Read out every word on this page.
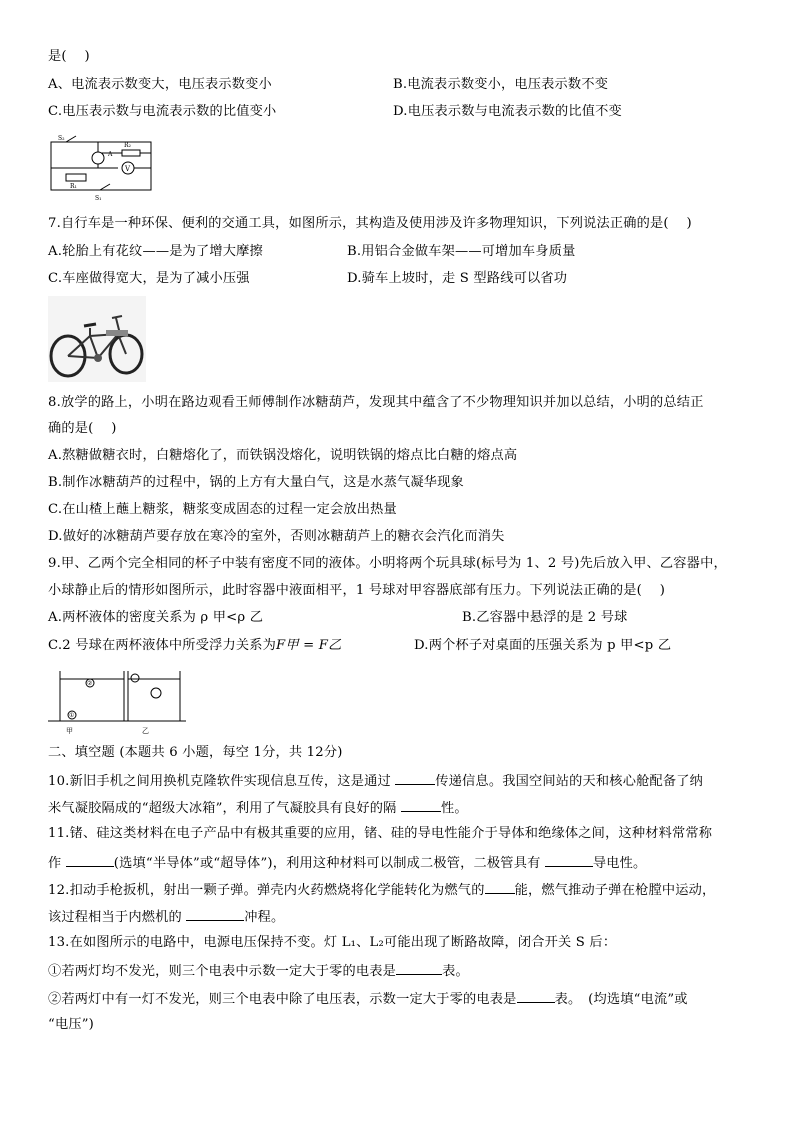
是(　 )
A、电流表示数变大，电压表示数变小	B.电流表示数变小，电压表示数不变
C.电压表示数与电流表示数的比值变小	D.电压表示数与电流表示数的比值不变
A
S₂
R₂
R₁
V
S₁
7.自行车是一种环保、便利的交通工具，如图所示，其构造及使用涉及许多物理知识，下列说法正确的是(　 )
A.轮胎上有花纹——是为了增大摩擦	B.用铝合金做车架——可增加车身质量
C.车座做得宽大，是为了减小压强	D.骑车上坡时，走 S 型路线可以省功
8.放学的路上，小明在路边观看王师傅制作冰糖葫芦，发现其中蕴含了不少物理知识并加以总结，小明的总结正
确的是(　 )
A.熬糖做糖衣时，白糖熔化了，而铁锅没熔化，说明铁锅的熔点比白糖的熔点高
B.制作冰糖葫芦的过程中，锅的上方有大量白气，这是水蒸气凝华现象
C.在山楂上蘸上糖浆，糖浆变成固态的过程一定会放出热量
D.做好的冰糖葫芦要存放在寒冷的室外，否则冰糖葫芦上的糖衣会汽化而消失
9.甲、乙两个完全相同的杯子中装有密度不同的液体。小明将两个玩具球(标号为 1、2 号)先后放入甲、乙容器中，
小球静止后的情形如图所示，此时容器中液面相平，1 号球对甲容器底部有压力。下列说法正确的是(　 )
A.两杯液体的密度关系为 ρ 甲<ρ 乙	B.乙容器中悬浮的是 2 号球
C.2 号球在两杯液体中所受浮力关系为F甲 = F乙	D.两个杯子对桌面的压强关系为 p 甲<p 乙
①
②
甲	乙
二、填空题 (本题共 6 小题，每空 1分，共 12分)
10.新旧手机之间用换机克隆软件实现信息互传，这是通过	传递信息。我国空间站的天和核心舱配备了纳
米气凝胶隔成的“超级大冰箱”，利用了气凝胶具有良好的隔	性。
11.锗、硅这类材料在电子产品中有极其重要的应用，锗、硅的导电性能介于导体和绝缘体之间，这种材料常常称
作	(选填“半导体”或“超导体”)，利用这种材料可以制成二极管，二极管具有	导电性。
12.扣动手枪扳机，射出一颗子弹。弹壳内火药燃烧将化学能转化为燃气的 能，燃气推动子弹在枪膛中运动，
该过程相当于内燃机的	冲程。
13.在如图所示的电路中，电源电压保持不变。灯 L₁、L₂可能出现了断路故障，闭合开关 S 后：
①若两灯均不发光，则三个电表中示数一定大于零的电表是	表。
②若两灯中有一灯不发光，则三个电表中除了电压表，示数一定大于零的电表是	表。　(均选填“电流”或
“电压”)
